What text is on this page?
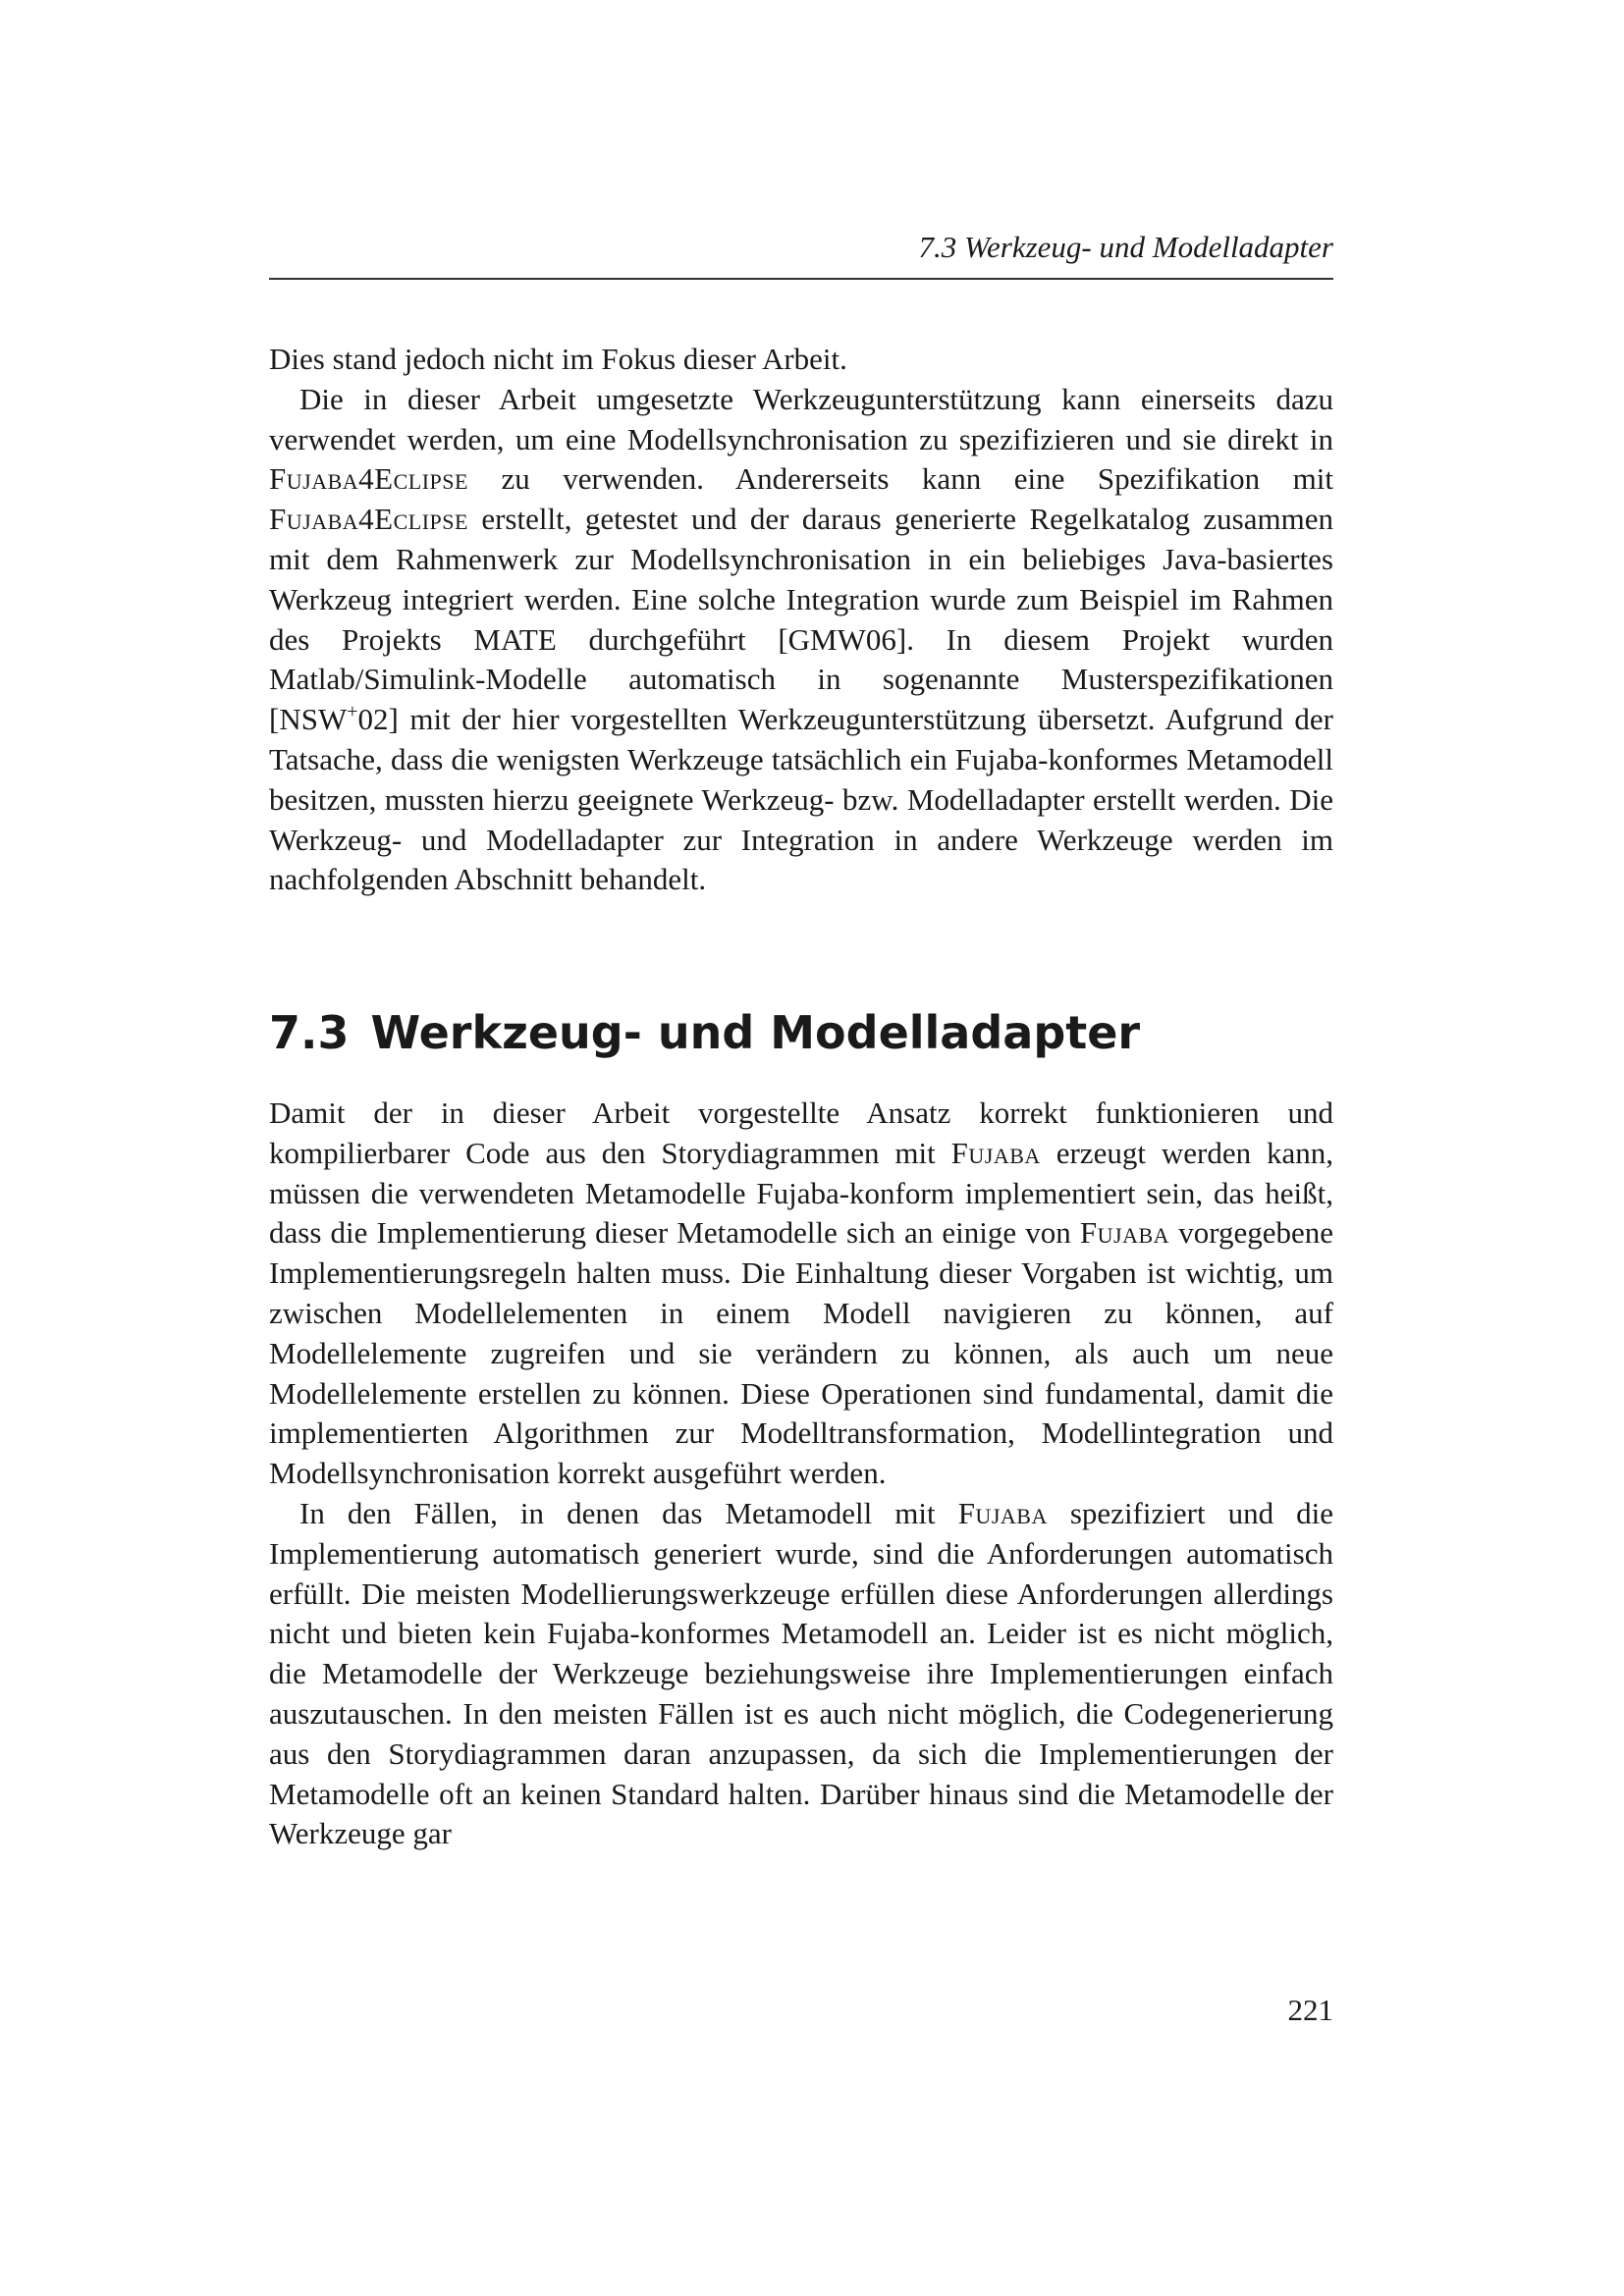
7.3 Werkzeug- und Modelladapter

Dies stand jedoch nicht im Fokus dieser Arbeit.

Die in dieser Arbeit umgesetzte Werkzeugunterstützung kann einerseits dazu verwendet werden, um eine Modellsynchronisation zu spezifizieren und sie direkt in Fujaba4Eclipse zu verwenden. Andererseits kann eine Spezifikation mit Fujaba4Eclipse erstellt, getestet und der daraus generierte Regelkatalog zusammen mit dem Rahmenwerk zur Modellsynchronisation in ein beliebiges Java-basiertes Werkzeug integriert werden. Eine solche Integration wurde zum Beispiel im Rahmen des Projekts MATE durchgeführt [GMW06]. In diesem Projekt wurden Matlab/Simulink-Modelle automatisch in sogenannte Musterspezifikationen [NSW+02] mit der hier vorgestellten Werkzeugunterstützung übersetzt. Aufgrund der Tatsache, dass die wenigsten Werkzeuge tatsächlich ein Fujaba-konformes Metamodell besitzen, mussten hierzu geeignete Werkzeug- bzw. Modelladapter erstellt werden. Die Werkzeug- und Modelladapter zur Integration in andere Werkzeuge werden im nachfolgenden Abschnitt behandelt.

7.3 Werkzeug- und Modelladapter

Damit der in dieser Arbeit vorgestellte Ansatz korrekt funktionieren und kompilierbarer Code aus den Storydiagrammen mit Fujaba erzeugt werden kann, müssen die verwendeten Metamodelle Fujaba-konform implementiert sein, das heißt, dass die Implementierung dieser Metamodelle sich an einige von Fujaba vorgegebene Implementierungsregeln halten muss. Die Einhaltung dieser Vorgaben ist wichtig, um zwischen Modellelementen in einem Modell navigieren zu können, auf Modellelemente zugreifen und sie verändern zu können, als auch um neue Modellelemente erstellen zu können. Diese Operationen sind fundamental, damit die implementierten Algorithmen zur Modelltransformation, Modellintegration und Modellsynchronisation korrekt ausgeführt werden.

In den Fällen, in denen das Metamodell mit Fujaba spezifiziert und die Implementierung automatisch generiert wurde, sind die Anforderungen automatisch erfüllt. Die meisten Modellierungswerkzeuge erfüllen diese Anforderungen allerdings nicht und bieten kein Fujaba-konformes Metamodell an. Leider ist es nicht möglich, die Metamodelle der Werkzeuge beziehungsweise ihre Implementierungen einfach auszutauschen. In den meisten Fällen ist es auch nicht möglich, die Codegenerierung aus den Storydiagrammen daran anzupassen, da sich die Implementierungen der Metamodelle oft an keinen Standard halten. Darüber hinaus sind die Metamodelle der Werkzeuge gar

221
